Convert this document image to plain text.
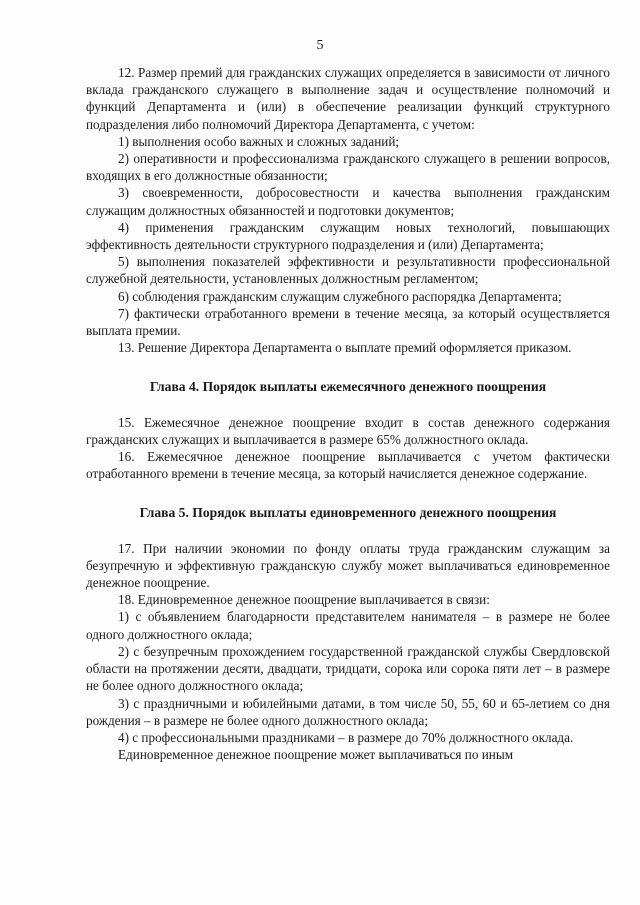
5

12. Размер премий для гражданских служащих определяется в зависимости от личного вклада гражданского служащего в выполнение задач и осуществление полномочий и функций Департамента и (или) в обеспечение реализации функций структурного подразделения либо полномочий Директора Департамента, с учетом:

1) выполнения особо важных и сложных заданий;

2) оперативности и профессионализма гражданского служащего в решении вопросов, входящих в его должностные обязанности;

3) своевременности, добросовестности и качества выполнения гражданским служащим должностных обязанностей и подготовки документов;

4) применения гражданским служащим новых технологий, повышающих эффективность деятельности структурного подразделения и (или) Департамента;

5) выполнения показателей эффективности и результативности профессиональной служебной деятельности, установленных должностным регламентом;

6) соблюдения гражданским служащим служебного распорядка Департамента;

7) фактически отработанного времени в течение месяца, за который осуществляется выплата премии.

13. Решение Директора Департамента о выплате премий оформляется приказом.

Глава 4. Порядок выплаты ежемесячного денежного поощрения

15. Ежемесячное денежное поощрение входит в состав денежного содержания гражданских служащих и выплачивается в размере 65% должностного оклада.

16. Ежемесячное денежное поощрение выплачивается с учетом фактически отработанного времени в течение месяца, за который начисляется денежное содержание.

Глава 5. Порядок выплаты единовременного денежного поощрения

17. При наличии экономии по фонду оплаты труда гражданским служащим за безупречную и эффективную гражданскую службу может выплачиваться единовременное денежное поощрение.

18. Единовременное денежное поощрение выплачивается в связи:

1) с объявлением благодарности представителем нанимателя – в размере не более одного должностного оклада;

2) с безупречным прохождением государственной гражданской службы Свердловской области на протяжении десяти, двадцати, тридцати, сорока или сорока пяти лет – в размере не более одного должностного оклада;

3) с праздничными и юбилейными датами, в том числе 50, 55, 60 и 65-летием со дня рождения – в размере не более одного должностного оклада;

4) с профессиональными праздниками – в размере до 70% должностного оклада.

Единовременное денежное поощрение может выплачиваться по иным
